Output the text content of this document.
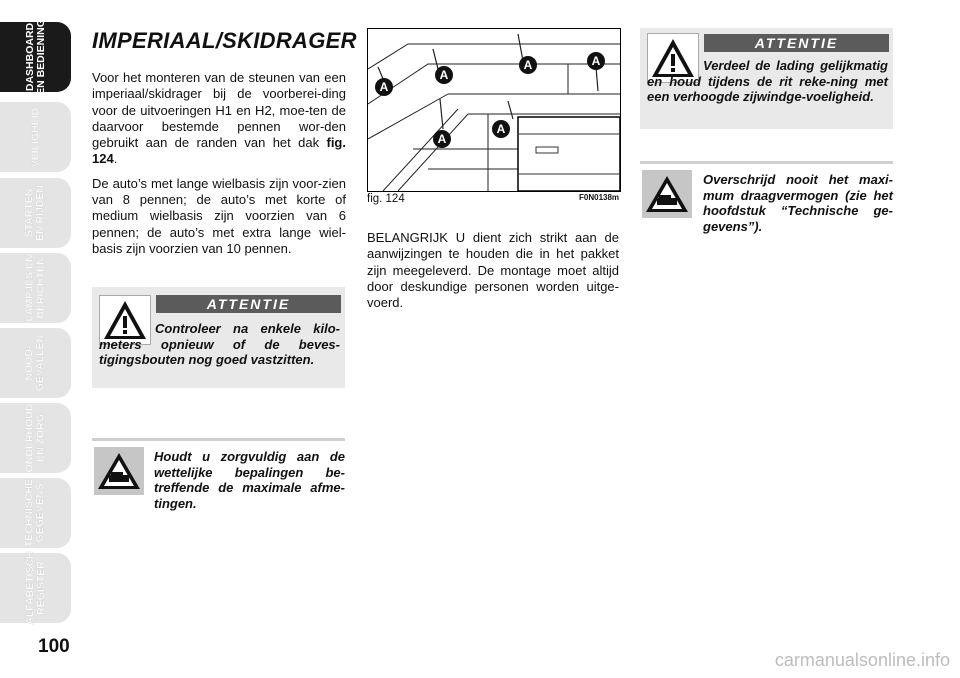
DASHBOARD
EN BEDIENING
VEILIGHEID
STARTEN
EN RIJDEN
LAMPJES EN
BERICHTEN
NOOD-
GEVALLEN
ONDERHOUD
EN ZORG
TECHNISCHE
GEGEVENS
ALFABETISCH
REGISTER
100
IMPERIAAL/SKIDRAGER

Voor het monteren van de steunen van een imperiaal/skidrager bij de voorberei-ding voor de uitvoeringen H1 en H2, moe-ten de daarvoor bestemde pennen wor-den gebruikt aan de randen van het dak fig. 124.

De auto’s met lange wielbasis zijn voor-zien van 8 pennen; de auto’s met korte of medium wielbasis zijn voorzien van 6 pennen; de auto’s met extra lange wiel-basis zijn voorzien van 10 pennen.

ATTENTIE
Controleer na enkele kilo-meters opnieuw of de beves-tigingsbouten nog goed vastzitten.
Houdt u zorgvuldig aan de wettelijke bepalingen be-treffende de maximale afme-tingen.
A
A
A
A
A
A
fig. 124	F0N0138m

BELANGRIJK U dient zich strikt aan de aanwijzingen te houden die in het pakket zijn meegeleverd. De montage moet altijd door deskundige personen worden uitge-voerd.

ATTENTIE
Verdeel de lading gelijkmatig en houd tijdens de rit reke-ning met een verhoogde zijwindge-voeligheid.
Overschrijd nooit het maxi-mum draagvermogen (zie het hoofdstuk “Technische ge-gevens”).
carmanualsonline.info
